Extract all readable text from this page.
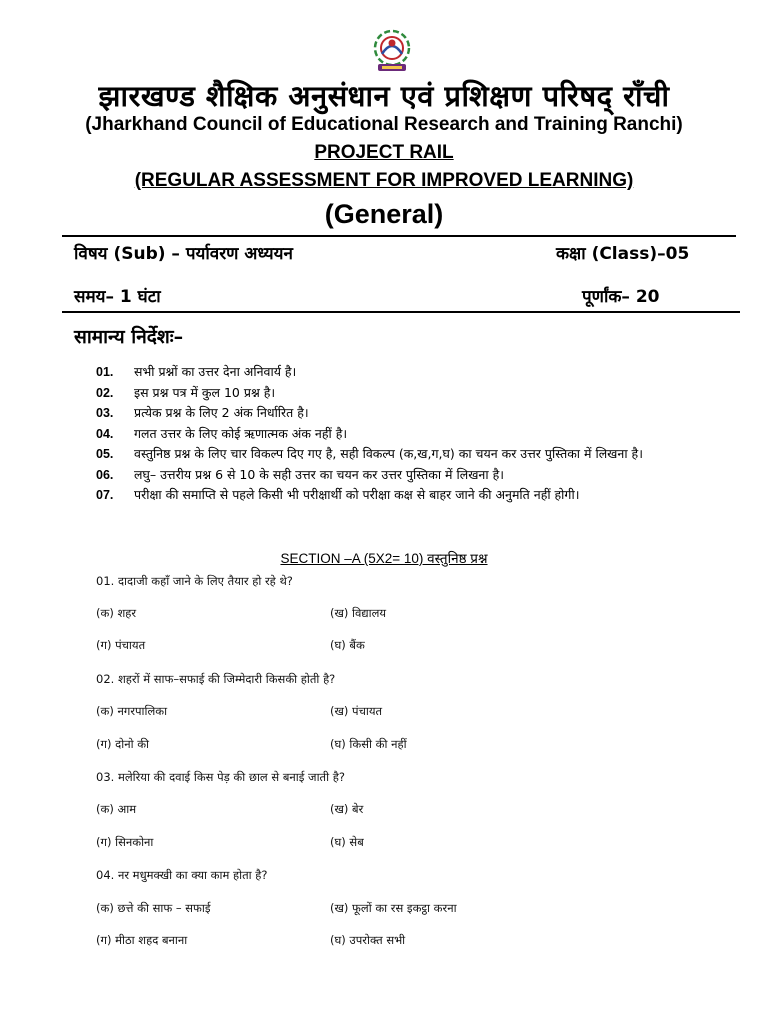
झारखण्ड शैक्षिक अनुसंधान एवं प्रशिक्षण परिषद् राँची
(Jharkhand Council of Educational Research and Training Ranchi)
PROJECT RAIL
(REGULAR ASSESSMENT FOR IMPROVED LEARNING)
(General)
विषय (Sub) – पर्यावरण अध्ययन	कक्षा (Class)–05
समय– 1 घंटा	पूर्णांक– 20
सामान्य निर्देशः–
01. सभी प्रश्नों का उत्तर देना अनिवार्य है।
02. इस प्रश्न पत्र में कुल 10 प्रश्न है।
03. प्रत्येक प्रश्न के लिए 2 अंक निर्धारित है।
04. गलत उत्तर के लिए कोई ऋणात्मक अंक नहीं है।
05. वस्तुनिष्ठ प्रश्न के लिए चार विकल्प दिए गए है, सही विकल्प (क,ख,ग,घ) का चयन कर उत्तर पुस्तिका में लिखना है।
06. लघु– उत्तरीय प्रश्न 6 से 10 के सही उत्तर का चयन कर उत्तर पुस्तिका में लिखना है।
07. परीक्षा की समाप्ति से पहले किसी भी परीक्षार्थी को परीक्षा कक्ष से बाहर जाने की अनुमति नहीं होगी।
SECTION –A (5X2= 10) वस्तुनिष्ठ प्रश्न
01. दादाजी कहाँ जाने के लिए तैयार हो रहे थे?
(क) शहर	(ख) विद्यालय
(ग) पंचायत	(घ) बैंक
02. शहरों में साफ–सफाई की जिम्मेदारी किसकी होती है?
(क) नगरपालिका	(ख) पंचायत
(ग) दोनो की	(घ) किसी की नहीं
03. मलेरिया की दवाई किस पेड़ की छाल से बनाई जाती है?
(क) आम	(ख) बेर
(ग) सिनकोना	(घ) सेब
04. नर मधुमक्खी का क्या काम होता है?
(क) छत्ते की साफ – सफाई	(ख) फूलों का रस इकट्ठा करना
(ग) मीठा शहद बनाना	(घ) उपरोक्त सभी
